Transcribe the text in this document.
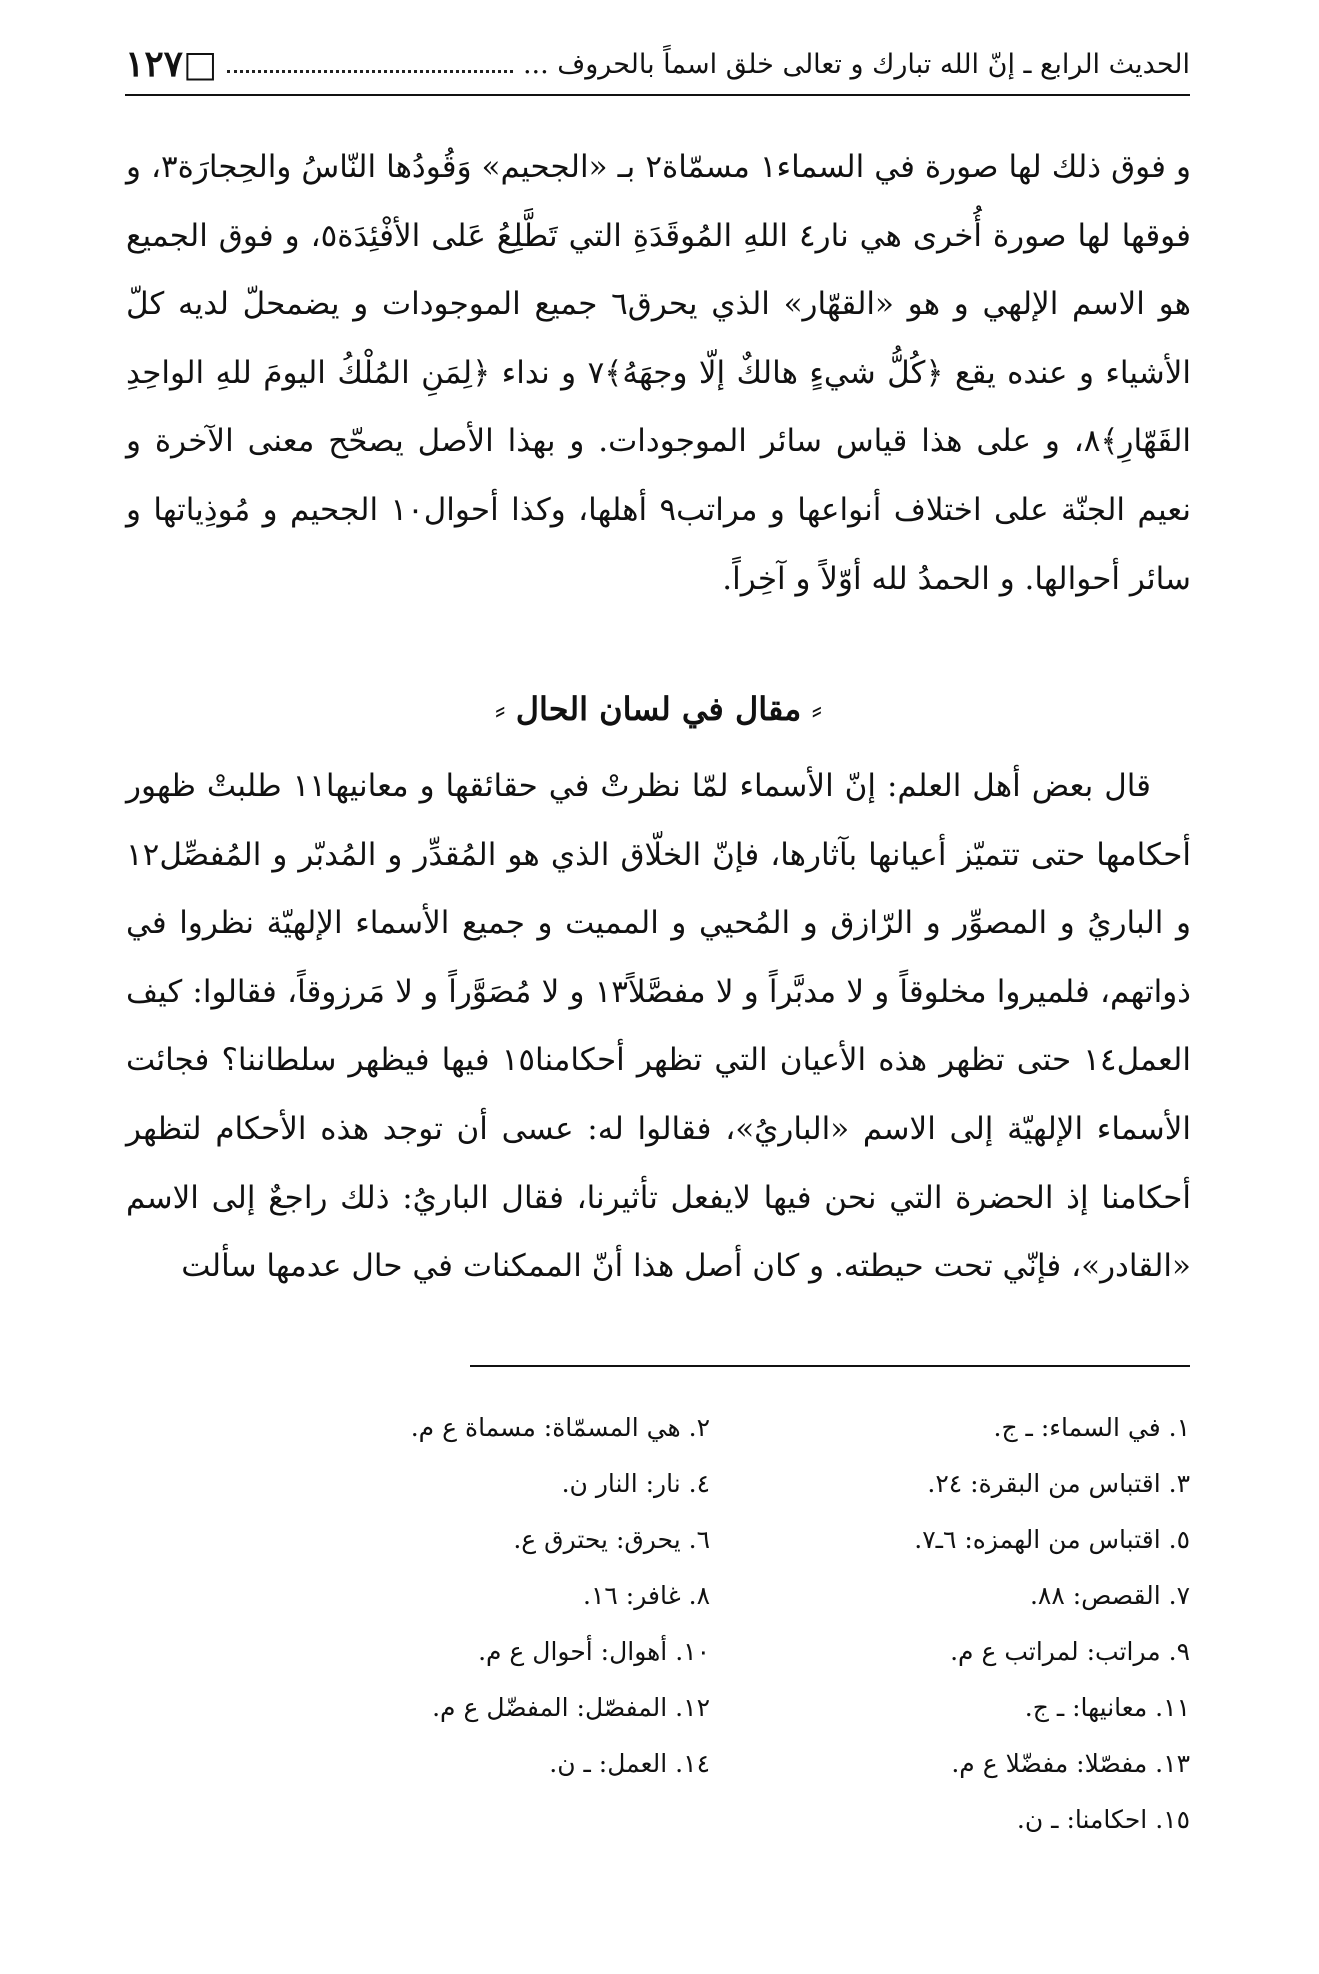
الحديث الرابع ـ إنّ الله تبارك و تعالى خلق اسماً بالحروف ...
□١٢٧
و فوق ذلك لها صورة في السماء١ مسمّاة٢ بـ «الجحيم» وَقُودُها النّاسُ والحِجارَة٣، و فوقها لها صورة أُخرى هي نار٤ اللهِ المُوقَدَةِ التي تَطَّلِعُ عَلى الأفْئِدَة٥، و فوق الجميع هو الاسم الإلهي و هو «القهّار» الذي يحرق٦ جميع الموجودات و يضمحلّ لديه كلّ الأشياء و عنده يقع ﴿كُلُّ شيءٍ هالكٌ إلّا وجهَهُ﴾٧ و نداء ﴿لِمَنِ المُلْكُ اليومَ للهِ الواحِدِ القَهّارِ﴾٨، و على هذا قياس سائر الموجودات. و بهذا الأصل يصحّح معنى الآخرة و نعيم الجنّة على اختلاف أنواعها و مراتب٩ أهلها، وكذا أحوال١٠ الجحيم و مُوذِياتها و سائر أحوالها. و الحمدُ لله أوّلاً و آخِراً.
⸗ مقال في لسان الحال ⸗

قال بعض أهل العلم: إنّ الأسماء لمّا نظرتْ في حقائقها و معانيها١١ طلبتْ ظهور أحكامها حتى تتميّز أعيانها بآثارها، فإنّ الخلّاق الذي هو المُقدِّر و المُدبّر و المُفصِّل١٢ و الباريُ و المصوِّر و الرّازق و المُحيي و المميت و جميع الأسماء الإلهيّة نظروا في ذواتهم، فلميروا مخلوقاً و لا مدبَّراً و لا مفصَّلاً١٣ و لا مُصَوَّراً و لا مَرزوقاً، فقالوا: كيف العمل١٤ حتى تظهر هذه الأعيان التي تظهر أحكامنا١٥ فيها فيظهر سلطاننا؟ فجائت الأسماء الإلهيّة إلى الاسم «الباريُ»، فقالوا له: عسى أن توجد هذه الأحكام لتظهر أحكامنا إذ الحضرة التي نحن فيها لايفعل تأثيرنا، فقال الباريُ: ذلك راجعٌ إلى الاسم «القادر»، فإنّي تحت حيطته. و كان أصل هذا أنّ الممكنات في حال عدمها سألت

١. في السماء: ـ ج.
٢. هي المسمّاة: مسماة ع م.
٣. اقتباس من البقرة: ٢٤.
٤. نار: النار ن.
٥. اقتباس من الهمزه: ٦ـ٧.
٦. يحرق: يحترق ع.
٧. القصص: ٨٨.
٨. غافر: ١٦.
٩. مراتب: لمراتب ع م.
١٠. أهوال: أحوال ع م.
١١. معانيها: ـ ج.
١٢. المفصّل: المفضّل ع م.
١٣. مفصّلا: مفضّلا ع م.
١٤. العمل: ـ ن.
١٥. احكامنا: ـ ن.
